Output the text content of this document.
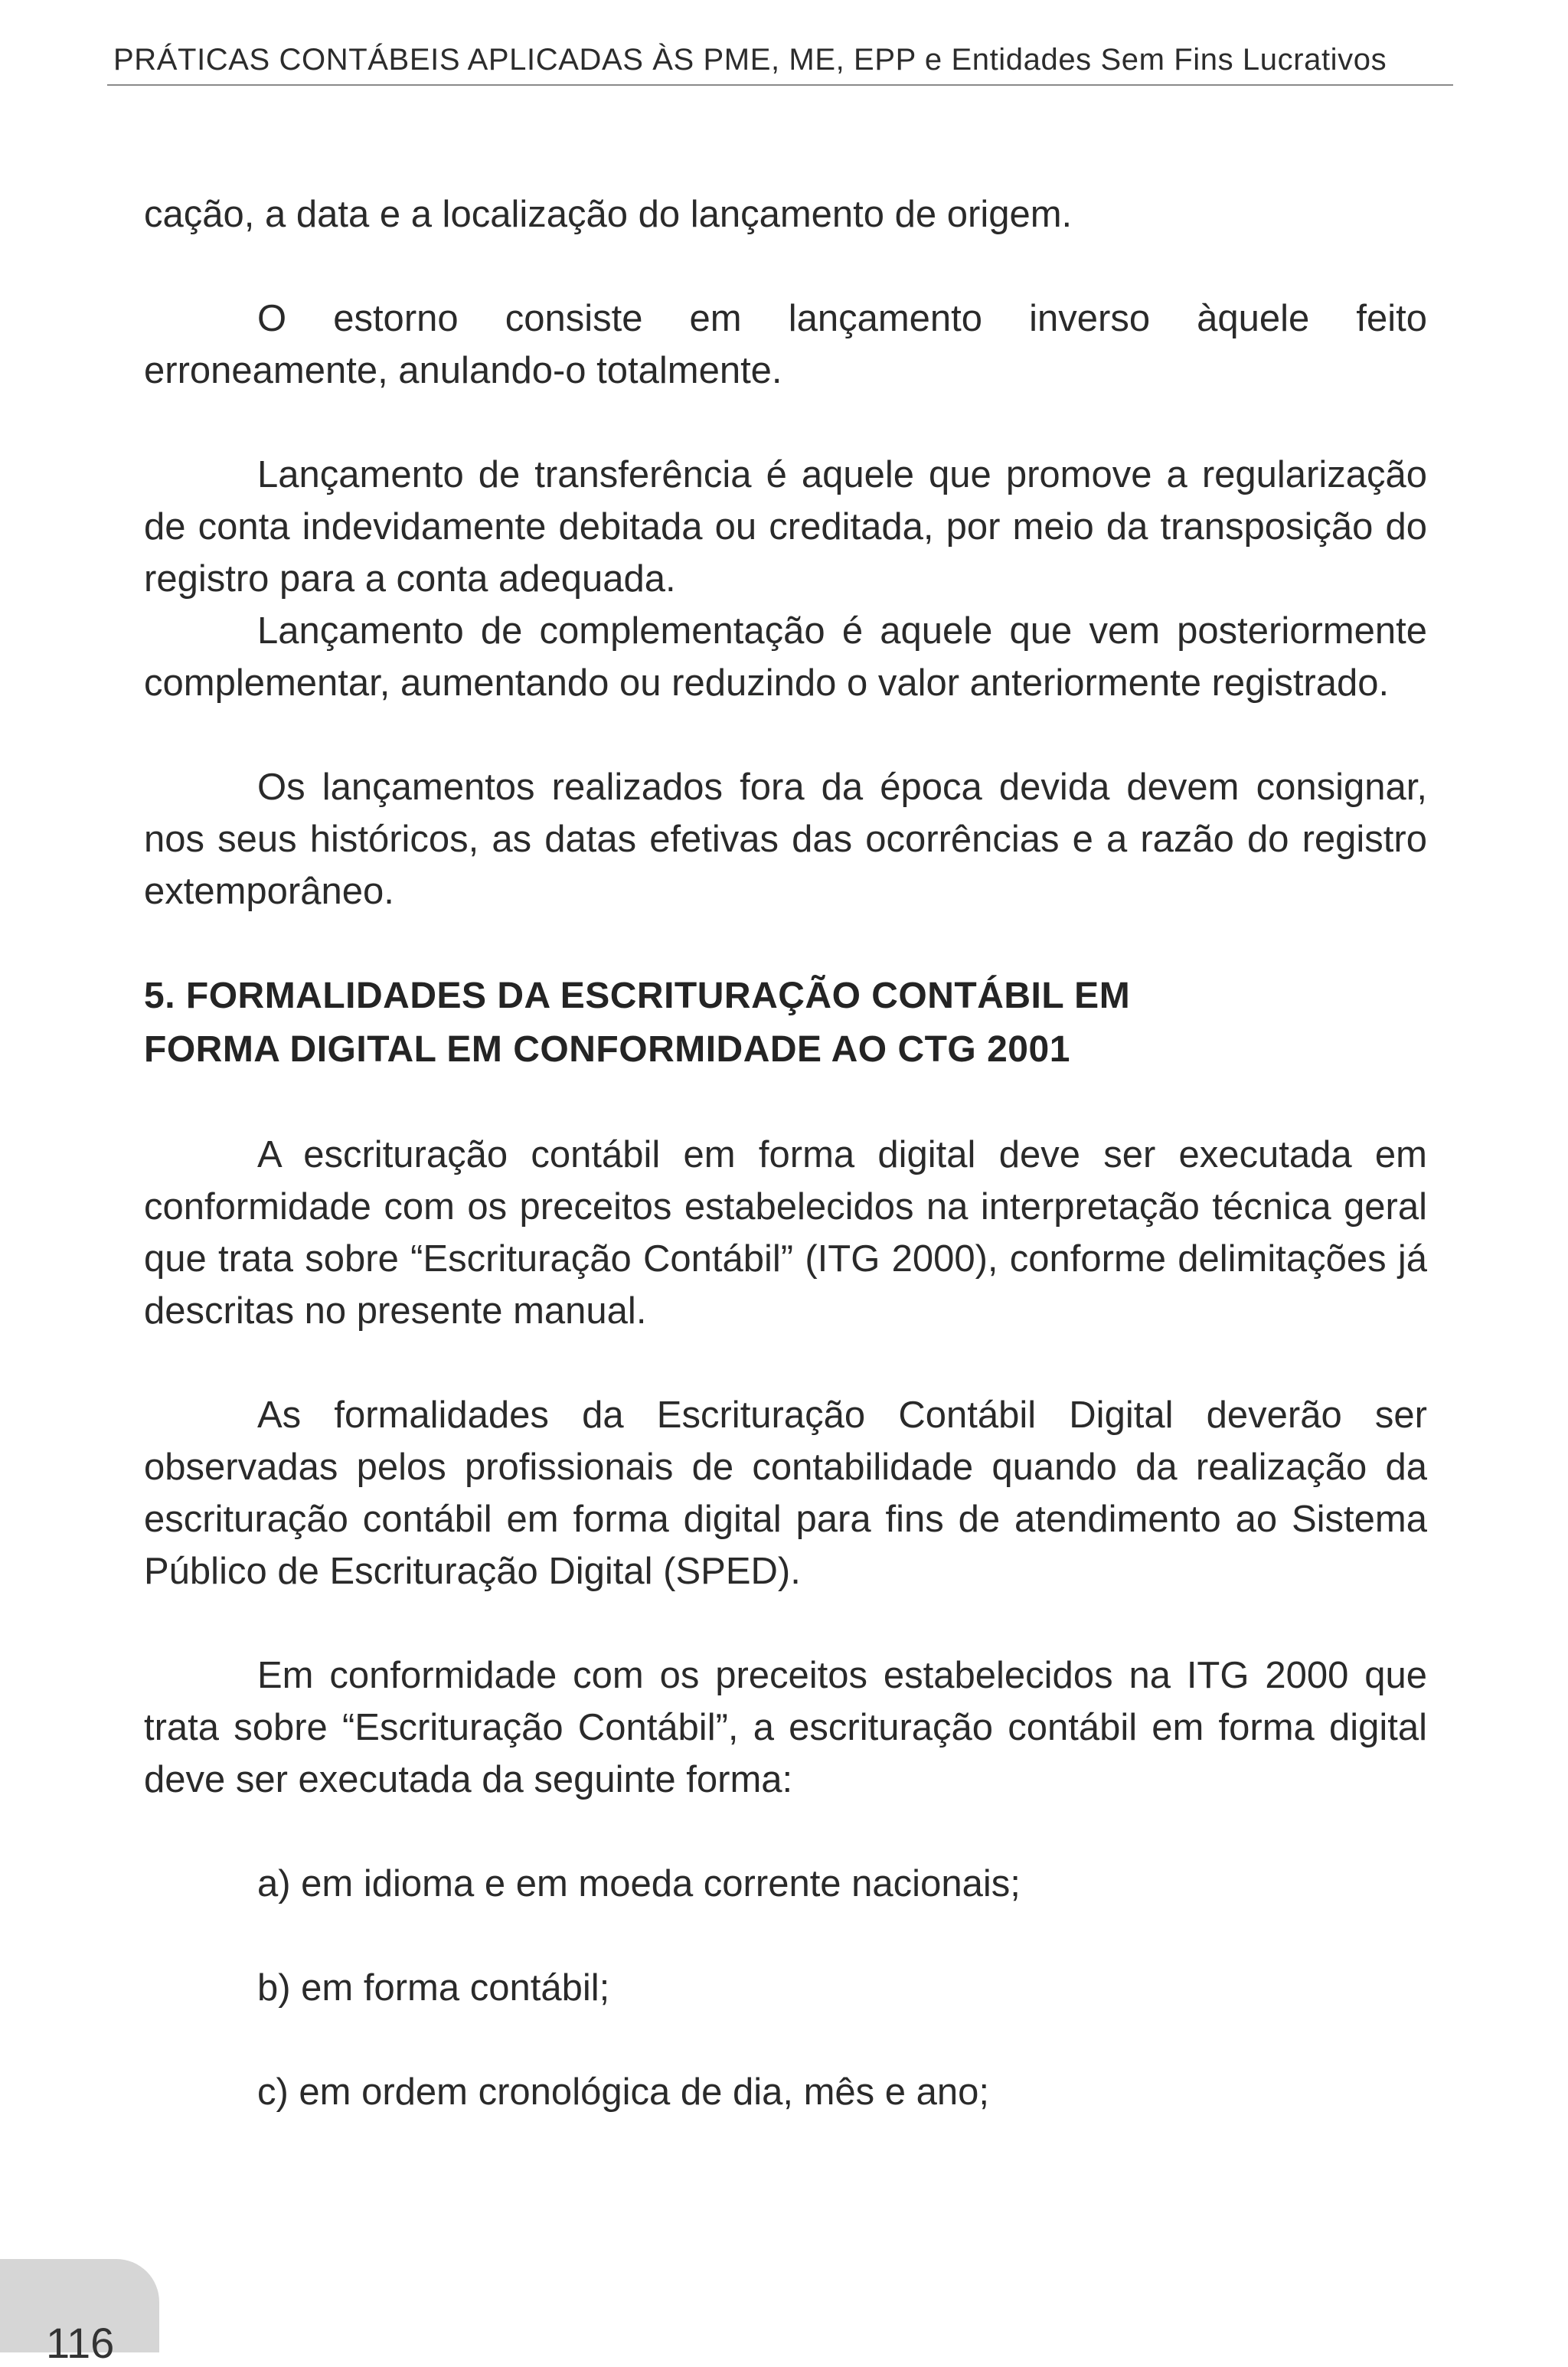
PRÁTICAS CONTÁBEIS APLICADAS ÀS PME, ME, EPP e Entidades Sem Fins Lucrativos

cação, a data e a localização do lançamento de origem.

O estorno consiste em lançamento inverso àquele feito erroneamente, anulando-o totalmente.

Lançamento de transferência é aquele que promove a regularização de conta indevidamente debitada ou creditada, por meio da transposição do registro para a conta adequada.

Lançamento de complementação é aquele que vem posteriormente complementar, aumentando ou reduzindo o valor anteriormente registrado.

Os lançamentos realizados fora da época devida devem consignar, nos seus históricos, as datas efetivas das ocorrências e a razão do registro extemporâneo.

5. FORMALIDADES DA ESCRITURAÇÃO CONTÁBIL EM
FORMA DIGITAL EM CONFORMIDADE AO CTG 2001

A escrituração contábil em forma digital deve ser executada em conformidade com os preceitos estabelecidos na interpretação técnica geral que trata sobre “Escrituração Contábil” (ITG 2000), conforme delimitações já descritas no presente manual.

As formalidades da Escrituração Contábil Digital deverão ser observadas pelos profissionais de contabilidade quando da realização da escrituração contábil em forma digital para fins de atendimento ao Sistema Público de Escrituração Digital (SPED).

Em conformidade com os preceitos estabelecidos na ITG 2000 que trata sobre “Escrituração Contábil”, a escrituração contábil em forma digital deve ser executada da seguinte forma:

a) em idioma e em moeda corrente nacionais;

b) em forma contábil;

c) em ordem cronológica de dia, mês e ano;

116
